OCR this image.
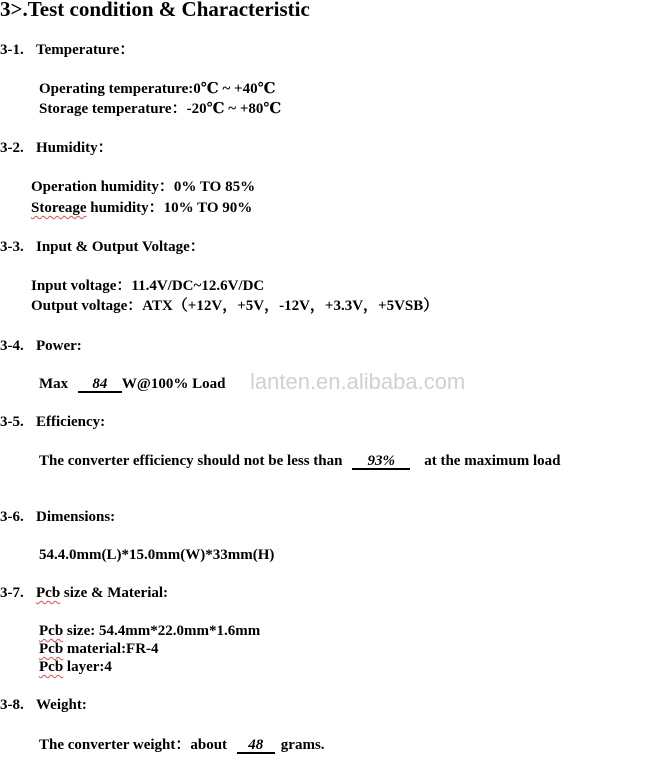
3>.Test condition & Characteristic
3-1. Temperature：
Operating temperature:0℃ ~ +40℃
Storage temperature：-20℃ ~ +80℃
3-2. Humidity：
Operation humidity：0% TO 85%
Storeage humidity：10% TO 90%
3-3. Input & Output Voltage：
Input voltage：11.4V/DC~12.6V/DC
Output voltage：ATX（+12V，+5V，-12V，+3.3V，+5VSB）
3-4. Power:
Max 84 W@100% Load
3-5. Efficiency:
The converter efficiency should not be less than 93% at the maximum load
3-6. Dimensions:
54.4.0mm(L)*15.0mm(W)*33mm(H)
3-7. Pcb size & Material:
Pcb size: 54.4mm*22.0mm*1.6mm
Pcb material:FR-4
Pcb layer:4
3-8. Weight:
The converter weight：about 48 grams.
lanten.en.alibaba.com
